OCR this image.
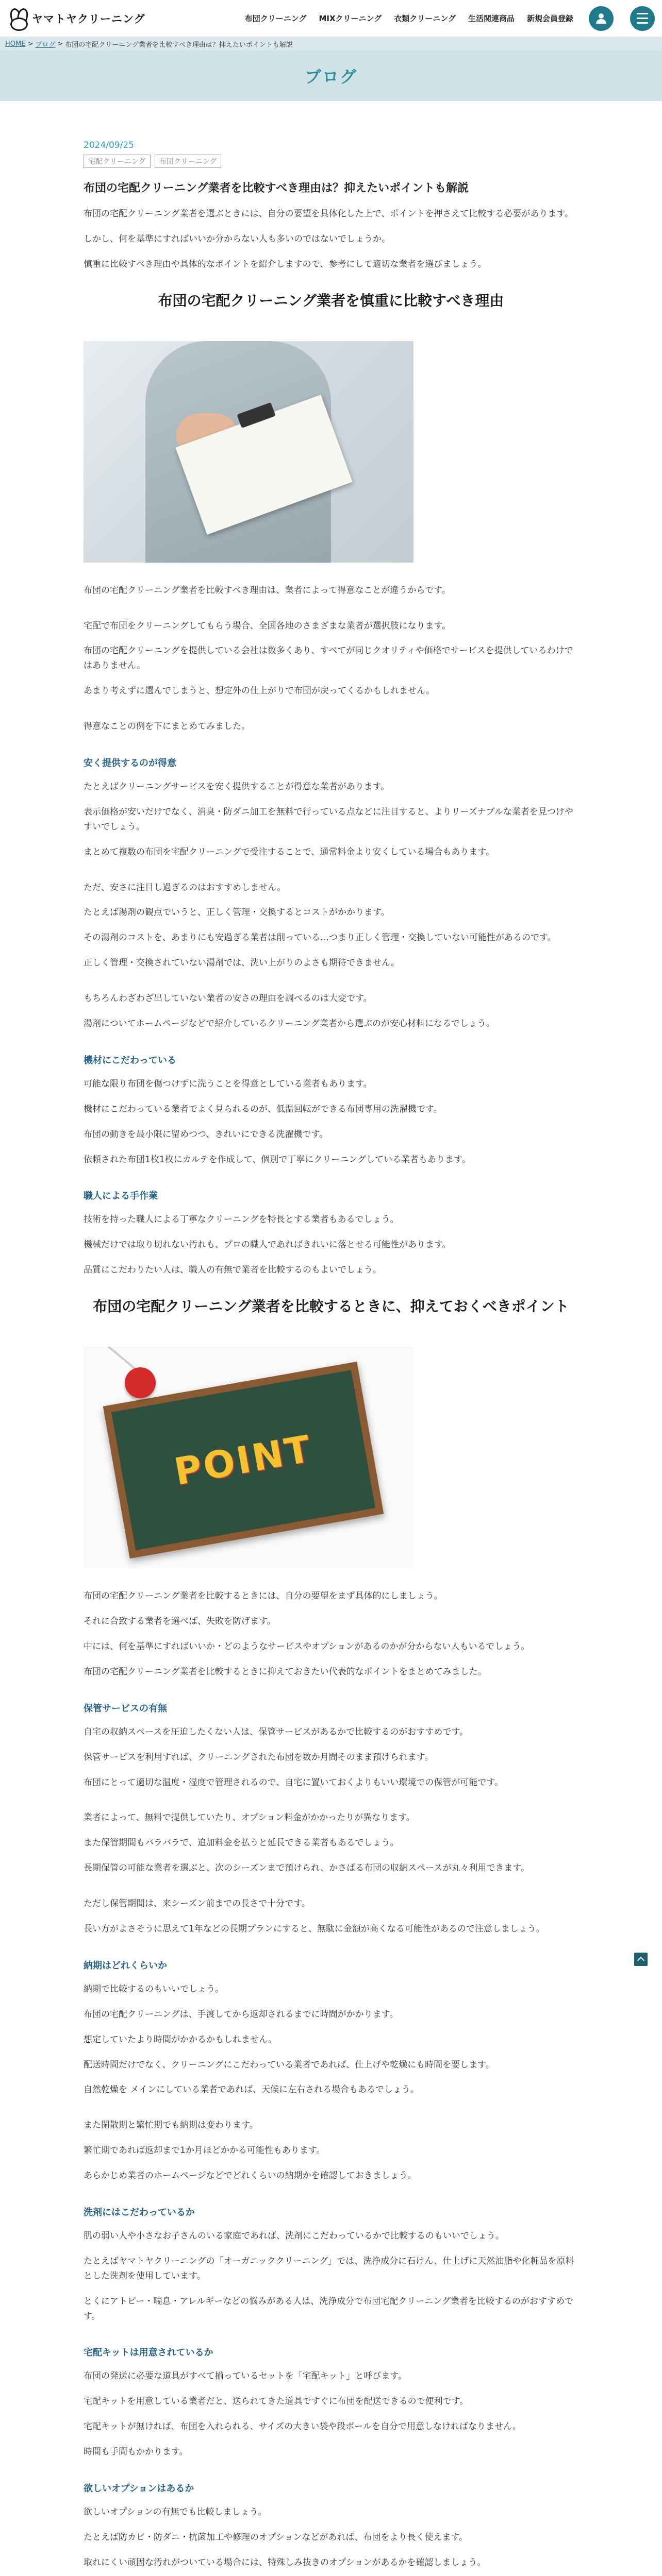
ヤマトヤクリーニング	布団クリーニング MIXクリーニング 衣類クリーニング 生活関連商品 新規会員登録
HOME > ブログ > 布団の宅配クリーニング業者を比較すべき理由は？抑えたいポイントも解説
ブログ
2024/09/25
宅配クリーニング	布団クリーニング
布団の宅配クリーニング業者を比較すべき理由は？抑えたいポイントも解説

布団の宅配クリーニング業者を選ぶときには、自分の要望を具体化した上で、ポイントを押さえて比較する必要があります。

しかし、何を基準にすればいいか分からない人も多いのではないでしょうか。

慎重に比較すべき理由や具体的なポイントを紹介しますので、参考にして適切な業者を選びましょう。

布団の宅配クリーニング業者を慎重に比較すべき理由

布団の宅配クリーニング業者を比較すべき理由は、業者によって得意なことが違うからです。

宅配で布団をクリーニングしてもらう場合、全国各地のさまざまな業者が選択肢になります。

布団の宅配クリーニングを提供している会社は数多くあり、すべてが同じクオリティや価格でサービスを提供しているわけではありません。

あまり考えずに選んでしまうと、想定外の仕上がりで布団が戻ってくるかもしれません。

得意なことの例を下にまとめてみました。

安く提供するのが得意

たとえばクリーニングサービスを安く提供することが得意な業者があります。

表示価格が安いだけでなく、消臭・防ダニ加工を無料で行っている点などに注目すると、よりリーズナブルな業者を見つけやすいでしょう。

まとめて複数の布団を宅配クリーニングで受注することで、通常料金より安くしている場合もあります。

ただ、安さに注目し過ぎるのはおすすめしません。

たとえば湯剤の観点でいうと、正しく管理・交換するとコストがかかります。

その湯剤のコストを、あまりにも安過ぎる業者は削っている…つまり正しく管理・交換していない可能性があるのです。

正しく管理・交換されていない湯剤では、洗い上がりのよさも期待できません。

もちろんわざわざ出していない業者の安さの理由を調べるのは大変です。

湯剤についてホームページなどで紹介しているクリーニング業者から選ぶのが安心材料になるでしょう。

機材にこだわっている

可能な限り布団を傷つけずに洗うことを得意としている業者もあります。

機材にこだわっている業者でよく見られるのが、低温回転ができる布団専用の洗濯機です。

布団の動きを最小限に留めつつ、きれいにできる洗濯機です。

依頼された布団1枚1枚にカルテを作成して、個別で丁寧にクリーニングしている業者もあります。

職人による手作業

技術を持った職人による丁寧なクリーニングを特長とする業者もあるでしょう。

機械だけでは取り切れない汚れも、プロの職人であればきれいに落とせる可能性があります。

品質にこだわりたい人は、職人の有無で業者を比較するのもよいでしょう。

布団の宅配クリーニング業者を比較するときに、抑えておくべきポイント
POINT

布団の宅配クリーニング業者を比較するときには、自分の要望をまず具体的にしましょう。

それに合致する業者を選べば、失敗を防げます。

中には、何を基準にすればいいか・どのようなサービスやオプションがあるのかが分からない人もいるでしょう。

布団の宅配クリーニング業者を比較するときに抑えておきたい代表的なポイントをまとめてみました。

保管サービスの有無

自宅の収納スペースを圧迫したくない人は、保管サービスがあるかで比較するのがおすすめです。

保管サービスを利用すれば、クリーニングされた布団を数か月間そのまま預けられます。

布団にとって適切な温度・湿度で管理されるので、自宅に置いておくよりもいい環境での保管が可能です。

業者によって、無料で提供していたり、オプション料金がかかったりが異なります。

また保管期間もバラバラで、追加料金を払うと延長できる業者もあるでしょう。

長期保管の可能な業者を選ぶと、次のシーズンまで預けられ、かさばる布団の収納スペースが丸々利用できます。

ただし保管期間は、来シーズン前までの長さで十分です。

長い方がよさそうに思えて1年などの長期プランにすると、無駄に金額が高くなる可能性があるので注意しましょう。

納期はどれくらいか

納期で比較するのもいいでしょう。

布団の宅配クリーニングは、手渡してから返却されるまでに時間がかかります。

想定していたより時間がかかるかもしれません。

配送時間だけでなく、クリーニングにこだわっている業者であれば、仕上げや乾燥にも時間を要します。

自然乾燥を メインにしている業者であれば、天候に左右される場合もあるでしょう。

また閑散期と繁忙期でも納期は変わります。

繁忙期であれば返却まで1か月ほどかかる可能性もあります。

あらかじめ業者のホームページなどでどれくらいの納期かを確認しておきましょう。

洗剤にはこだわっているか

肌の弱い人や小さなお子さんのいる家庭であれば、洗剤にこだわっているかで比較するのもいいでしょう。

たとえばヤマトヤクリーニングの「オーガニッククリーニング」では、洗浄成分に石けん、仕上げに天然油脂や化粧品を原料とした洗剤を使用しています。

とくにアトピー・喘息・アレルギーなどの悩みがある人は、洗浄成分で布団宅配クリーニング業者を比較するのがおすすめです。

宅配キットは用意されているか

布団の発送に必要な道具がすべて揃っているセットを「宅配キット」と呼びます。

宅配キットを用意している業者だと、送られてきた道具ですぐに布団を配送できるので便利です。

宅配キットが無ければ、布団を入れられる、サイズの大きい袋や段ボールを自分で用意しなければなりません。

時間も手間もかかります。

欲しいオプションはあるか

欲しいオプションの有無でも比較しましょう。

たとえば防カビ・防ダニ・抗菌加工や修理のオプションなどがあれば、布団をより長く使えます。

取れにくい頑固な汚れがついている場合には、特殊しみ抜きのオプションがあるかを確認しましょう。
